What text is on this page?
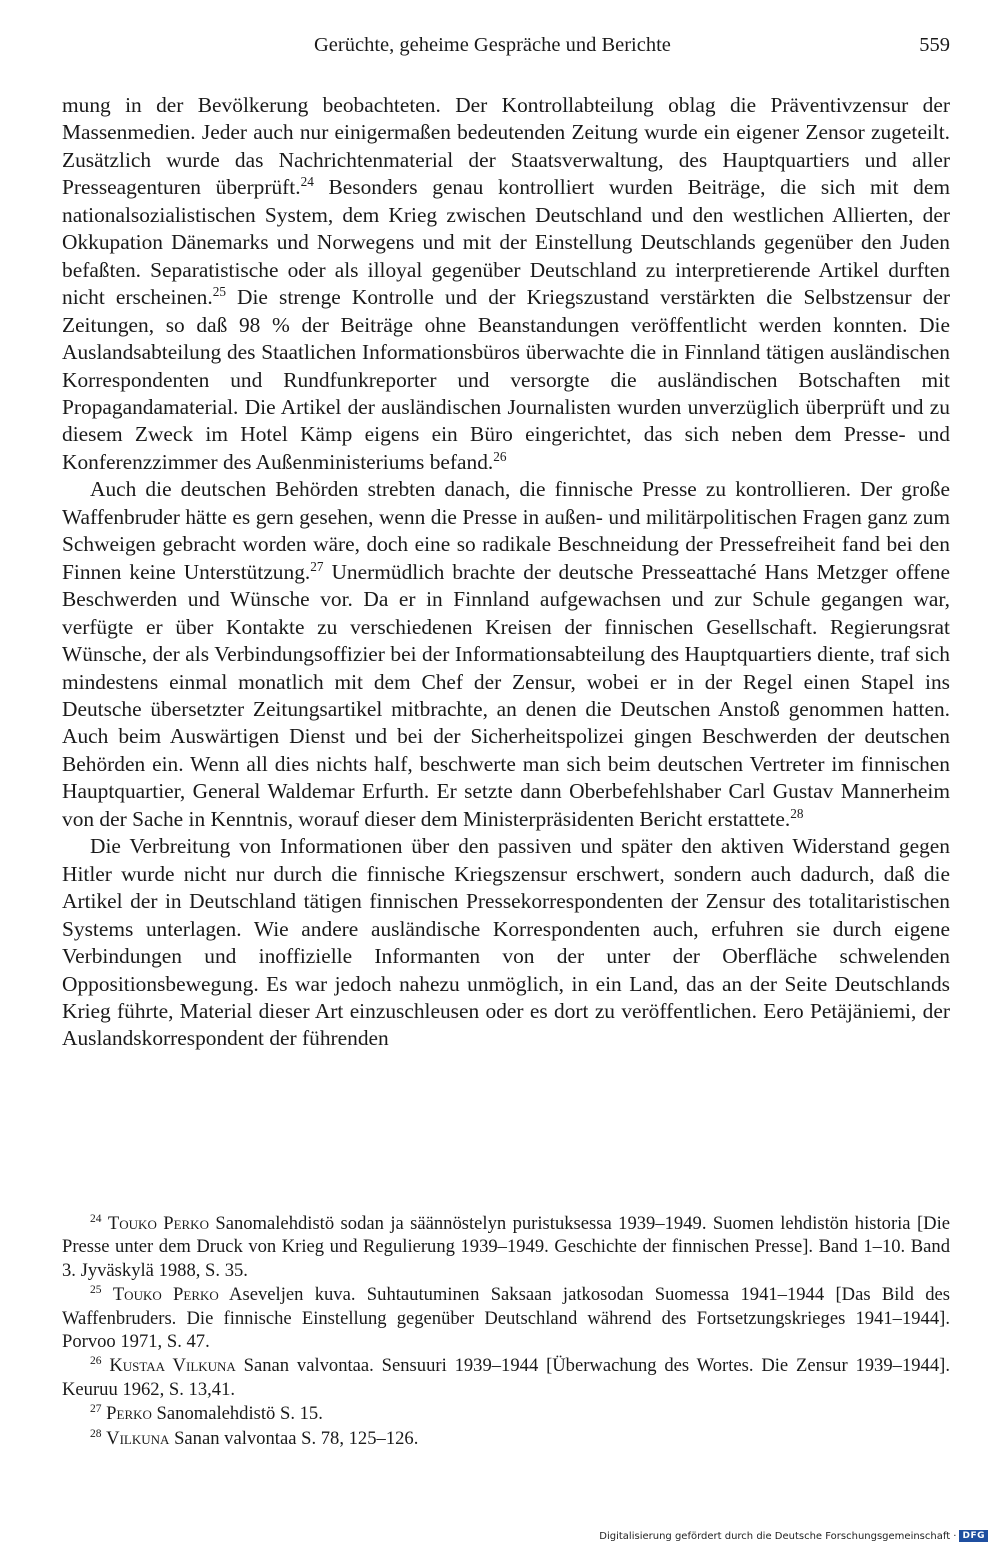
Gerüchte, geheime Gespräche und Berichte	559

mung in der Bevölkerung beobachteten. Der Kontrollabteilung oblag die Präventivzensur der Massenmedien. Jeder auch nur einigermaßen bedeutenden Zeitung wurde ein eigener Zensor zugeteilt. Zusätzlich wurde das Nachrichtenmaterial der Staatsverwaltung, des Hauptquartiers und aller Presseagenturen überprüft.$^{24}$ Besonders genau kontrolliert wurden Beiträge, die sich mit dem nationalsozialistischen System, dem Krieg zwischen Deutschland und den westlichen Allierten, der Okkupation Dänemarks und Norwegens und mit der Einstellung Deutschlands gegenüber den Juden befaßten. Separatistische oder als illoyal gegenüber Deutschland zu interpretierende Artikel durften nicht erscheinen.$^{25}$ Die strenge Kontrolle und der Kriegszustand verstärkten die Selbstzensur der Zeitungen, so daß 98 % der Beiträge ohne Beanstandungen veröffentlicht werden konnten. Die Auslandsabteilung des Staatlichen Informationsbüros überwachte die in Finnland tätigen ausländischen Korrespondenten und Rundfunkreporter und versorgte die ausländischen Botschaften mit Propagandamaterial. Die Artikel der ausländischen Journalisten wurden unverzüglich überprüft und zu diesem Zweck im Hotel Kämp eigens ein Büro eingerichtet, das sich neben dem Presse- und Konferenzzimmer des Außenministeriums befand.$^{26}$

Auch die deutschen Behörden strebten danach, die finnische Presse zu kontrollieren. Der große Waffenbruder hätte es gern gesehen, wenn die Presse in außen- und militärpolitischen Fragen ganz zum Schweigen gebracht worden wäre, doch eine so radikale Beschneidung der Pressefreiheit fand bei den Finnen keine Unterstützung.$^{27}$ Unermüdlich brachte der deutsche Presseattaché Hans Metzger offene Beschwerden und Wünsche vor. Da er in Finnland aufgewachsen und zur Schule gegangen war, verfügte er über Kontakte zu verschiedenen Kreisen der finnischen Gesellschaft. Regierungsrat Wünsche, der als Verbindungsoffizier bei der Informationsabteilung des Hauptquartiers diente, traf sich mindestens einmal monatlich mit dem Chef der Zensur, wobei er in der Regel einen Stapel ins Deutsche übersetzter Zeitungsartikel mitbrachte, an denen die Deutschen Anstoß genommen hatten. Auch beim Auswärtigen Dienst und bei der Sicherheitspolizei gingen Beschwerden der deutschen Behörden ein. Wenn all dies nichts half, beschwerte man sich beim deutschen Vertreter im finnischen Hauptquartier, General Waldemar Erfurth. Er setzte dann Oberbefehlshaber Carl Gustav Mannerheim von der Sache in Kenntnis, worauf dieser dem Ministerpräsidenten Bericht erstattete.$^{28}$

Die Verbreitung von Informationen über den passiven und später den aktiven Widerstand gegen Hitler wurde nicht nur durch die finnische Kriegszensur erschwert, sondern auch dadurch, daß die Artikel der in Deutschland tätigen finnischen Pressekorrespondenten der Zensur des totalitaristischen Systems unterlagen. Wie andere ausländische Korrespondenten auch, erfuhren sie durch eigene Verbindungen und inoffizielle Informanten von der unter der Oberfläche schwelenden Oppositionsbewegung. Es war jedoch nahezu unmöglich, in ein Land, das an der Seite Deutschlands Krieg führte, Material dieser Art einzuschleusen oder es dort zu veröffentlichen. Eero Petäjäniemi, der Auslandskorrespondent der führenden

$^{24}$ Touko Perko Sanomalehdistö sodan ja säännöstelyn puristuksessa 1939–1949. Suomen lehdistön historia [Die Presse unter dem Druck von Krieg und Regulierung 1939–1949. Geschichte der finnischen Presse]. Band 1–10. Band 3. Jyväskylä 1988, S. 35.

$^{25}$ Touko Perko Aseveljen kuva. Suhtautuminen Saksaan jatkosodan Suomessa 1941–1944 [Das Bild des Waffenbruders. Die finnische Einstellung gegenüber Deutschland während des Fortsetzungskrieges 1941–1944]. Porvoo 1971, S. 47.

$^{26}$ Kustaa Vilkuna Sanan valvontaa. Sensuuri 1939–1944 [Überwachung des Wortes. Die Zensur 1939–1944]. Keuruu 1962, S. 13,41.

$^{27}$ Perko Sanomalehdistö S. 15.

$^{28}$ Vilkuna Sanan valvontaa S. 78, 125–126.

Digitalisierung gefördert durch die Deutsche Forschungsgemeinschaft · DFG
